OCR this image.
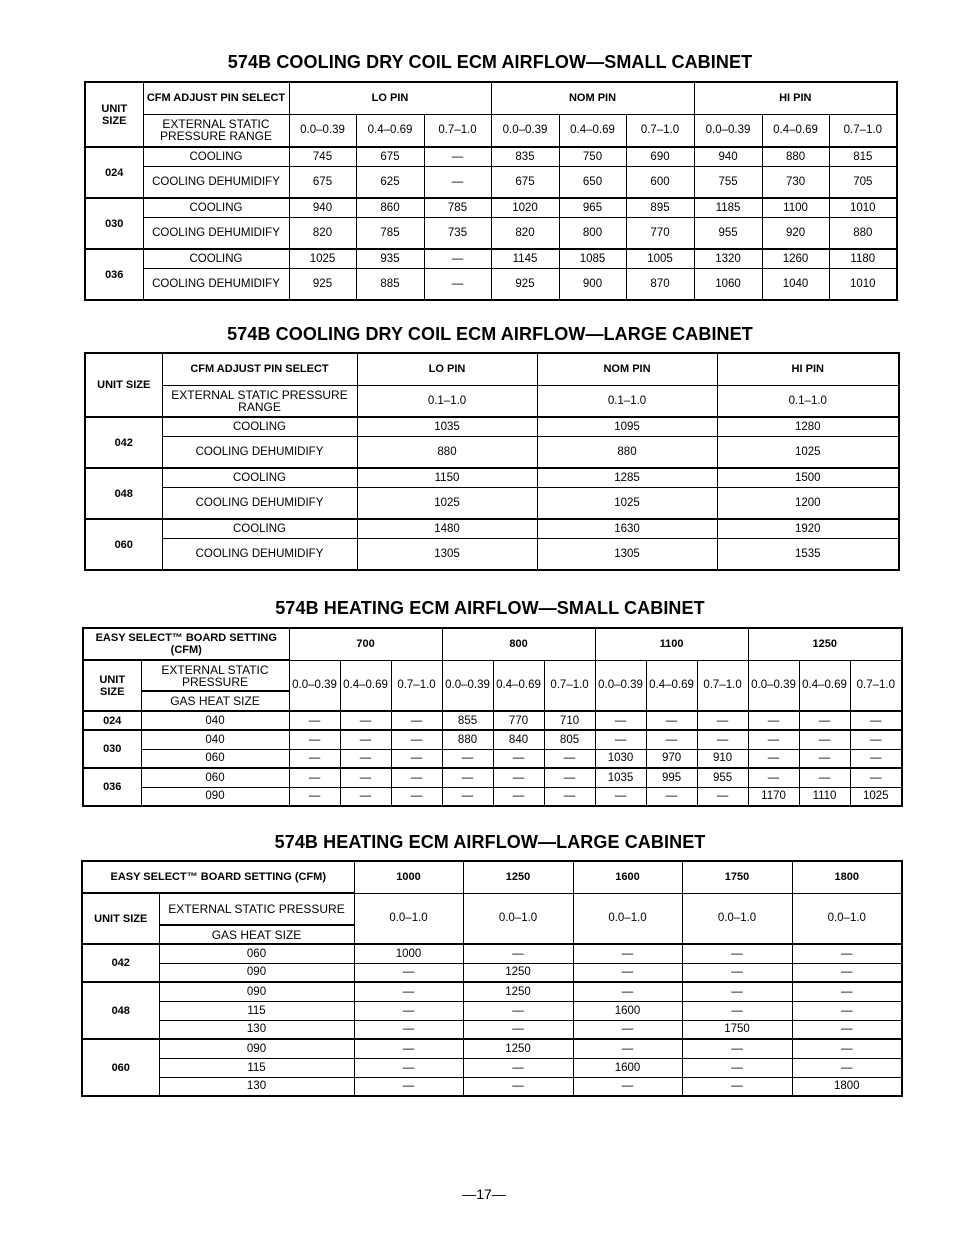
574B COOLING DRY COIL ECM AIRFLOW—SMALL CABINET
UNIT SIZE	CFM ADJUST PIN SELECT	LO PIN			NOM PIN			HI PIN		
	EXTERNAL STATIC PRESSURE RANGE	0.0–0.39	0.4–0.69	0.7–1.0	0.0–0.39	0.4–0.69	0.7–1.0	0.0–0.39	0.4–0.69	0.7–1.0
024	COOLING	745	675	—	835	750	690	940	880	815
	COOLING DEHUMIDIFY	675	625	—	675	650	600	755	730	705
030	COOLING	940	860	785	1020	965	895	1185	1100	1010
	COOLING DEHUMIDIFY	820	785	735	820	800	770	955	920	880
036	COOLING	1025	935	—	1145	1085	1005	1320	1260	1180
	COOLING DEHUMIDIFY	925	885	—	925	900	870	1060	1040	1010
574B COOLING DRY COIL ECM AIRFLOW—LARGE CABINET
UNIT SIZE	CFM ADJUST PIN SELECT	LO PIN	NOM PIN	HI PIN
	EXTERNAL STATIC PRESSURE RANGE	0.1–1.0	0.1–1.0	0.1–1.0
042	COOLING	1035	1095	1280
	COOLING DEHUMIDIFY	880	880	1025
048	COOLING	1150	1285	1500
	COOLING DEHUMIDIFY	1025	1025	1200
060	COOLING	1480	1630	1920
	COOLING DEHUMIDIFY	1305	1305	1535
574B HEATING ECM AIRFLOW—SMALL CABINET
EASY SELECT™ BOARD SETTING (CFM)		700			800			1100			1250		
UNIT SIZE	EXTERNAL STATIC PRESSURE	0.0–0.39	0.4–0.69	0.7–1.0	0.0–0.39	0.4–0.69	0.7–1.0	0.0–0.39	0.4–0.69	0.7–1.0	0.0–0.39	0.4–0.69	0.7–1.0
	GAS HEAT SIZE												
024	040	—	—	—	855	770	710	—	—	—	—	—	—
030	040	—	—	—	880	840	805	—	—	—	—	—	—
	060	—	—	—	—	—	—	1030	970	910	—	—	—
036	060	—	—	—	—	—	—	1035	995	955	—	—	—
	090	—	—	—	—	—	—	—	—	—	1170	1110	1025
574B HEATING ECM AIRFLOW—LARGE CABINET
EASY SELECT™ BOARD SETTING (CFM)		1000	1250	1600	1750	1800
UNIT SIZE	EXTERNAL STATIC PRESSURE	0.0–1.0	0.0–1.0	0.0–1.0	0.0–1.0	0.0–1.0
	GAS HEAT SIZE					
042	060	1000	—	—	—	—
	090	—	1250	—	—	—
048	090	—	1250	—	—	—
	115	—	—	1600	—	—
	130	—	—	—	1750	—
060	090	—	1250	—	—	—
	115	—	—	1600	—	—
	130	—	—	—	—	1800
—17—
